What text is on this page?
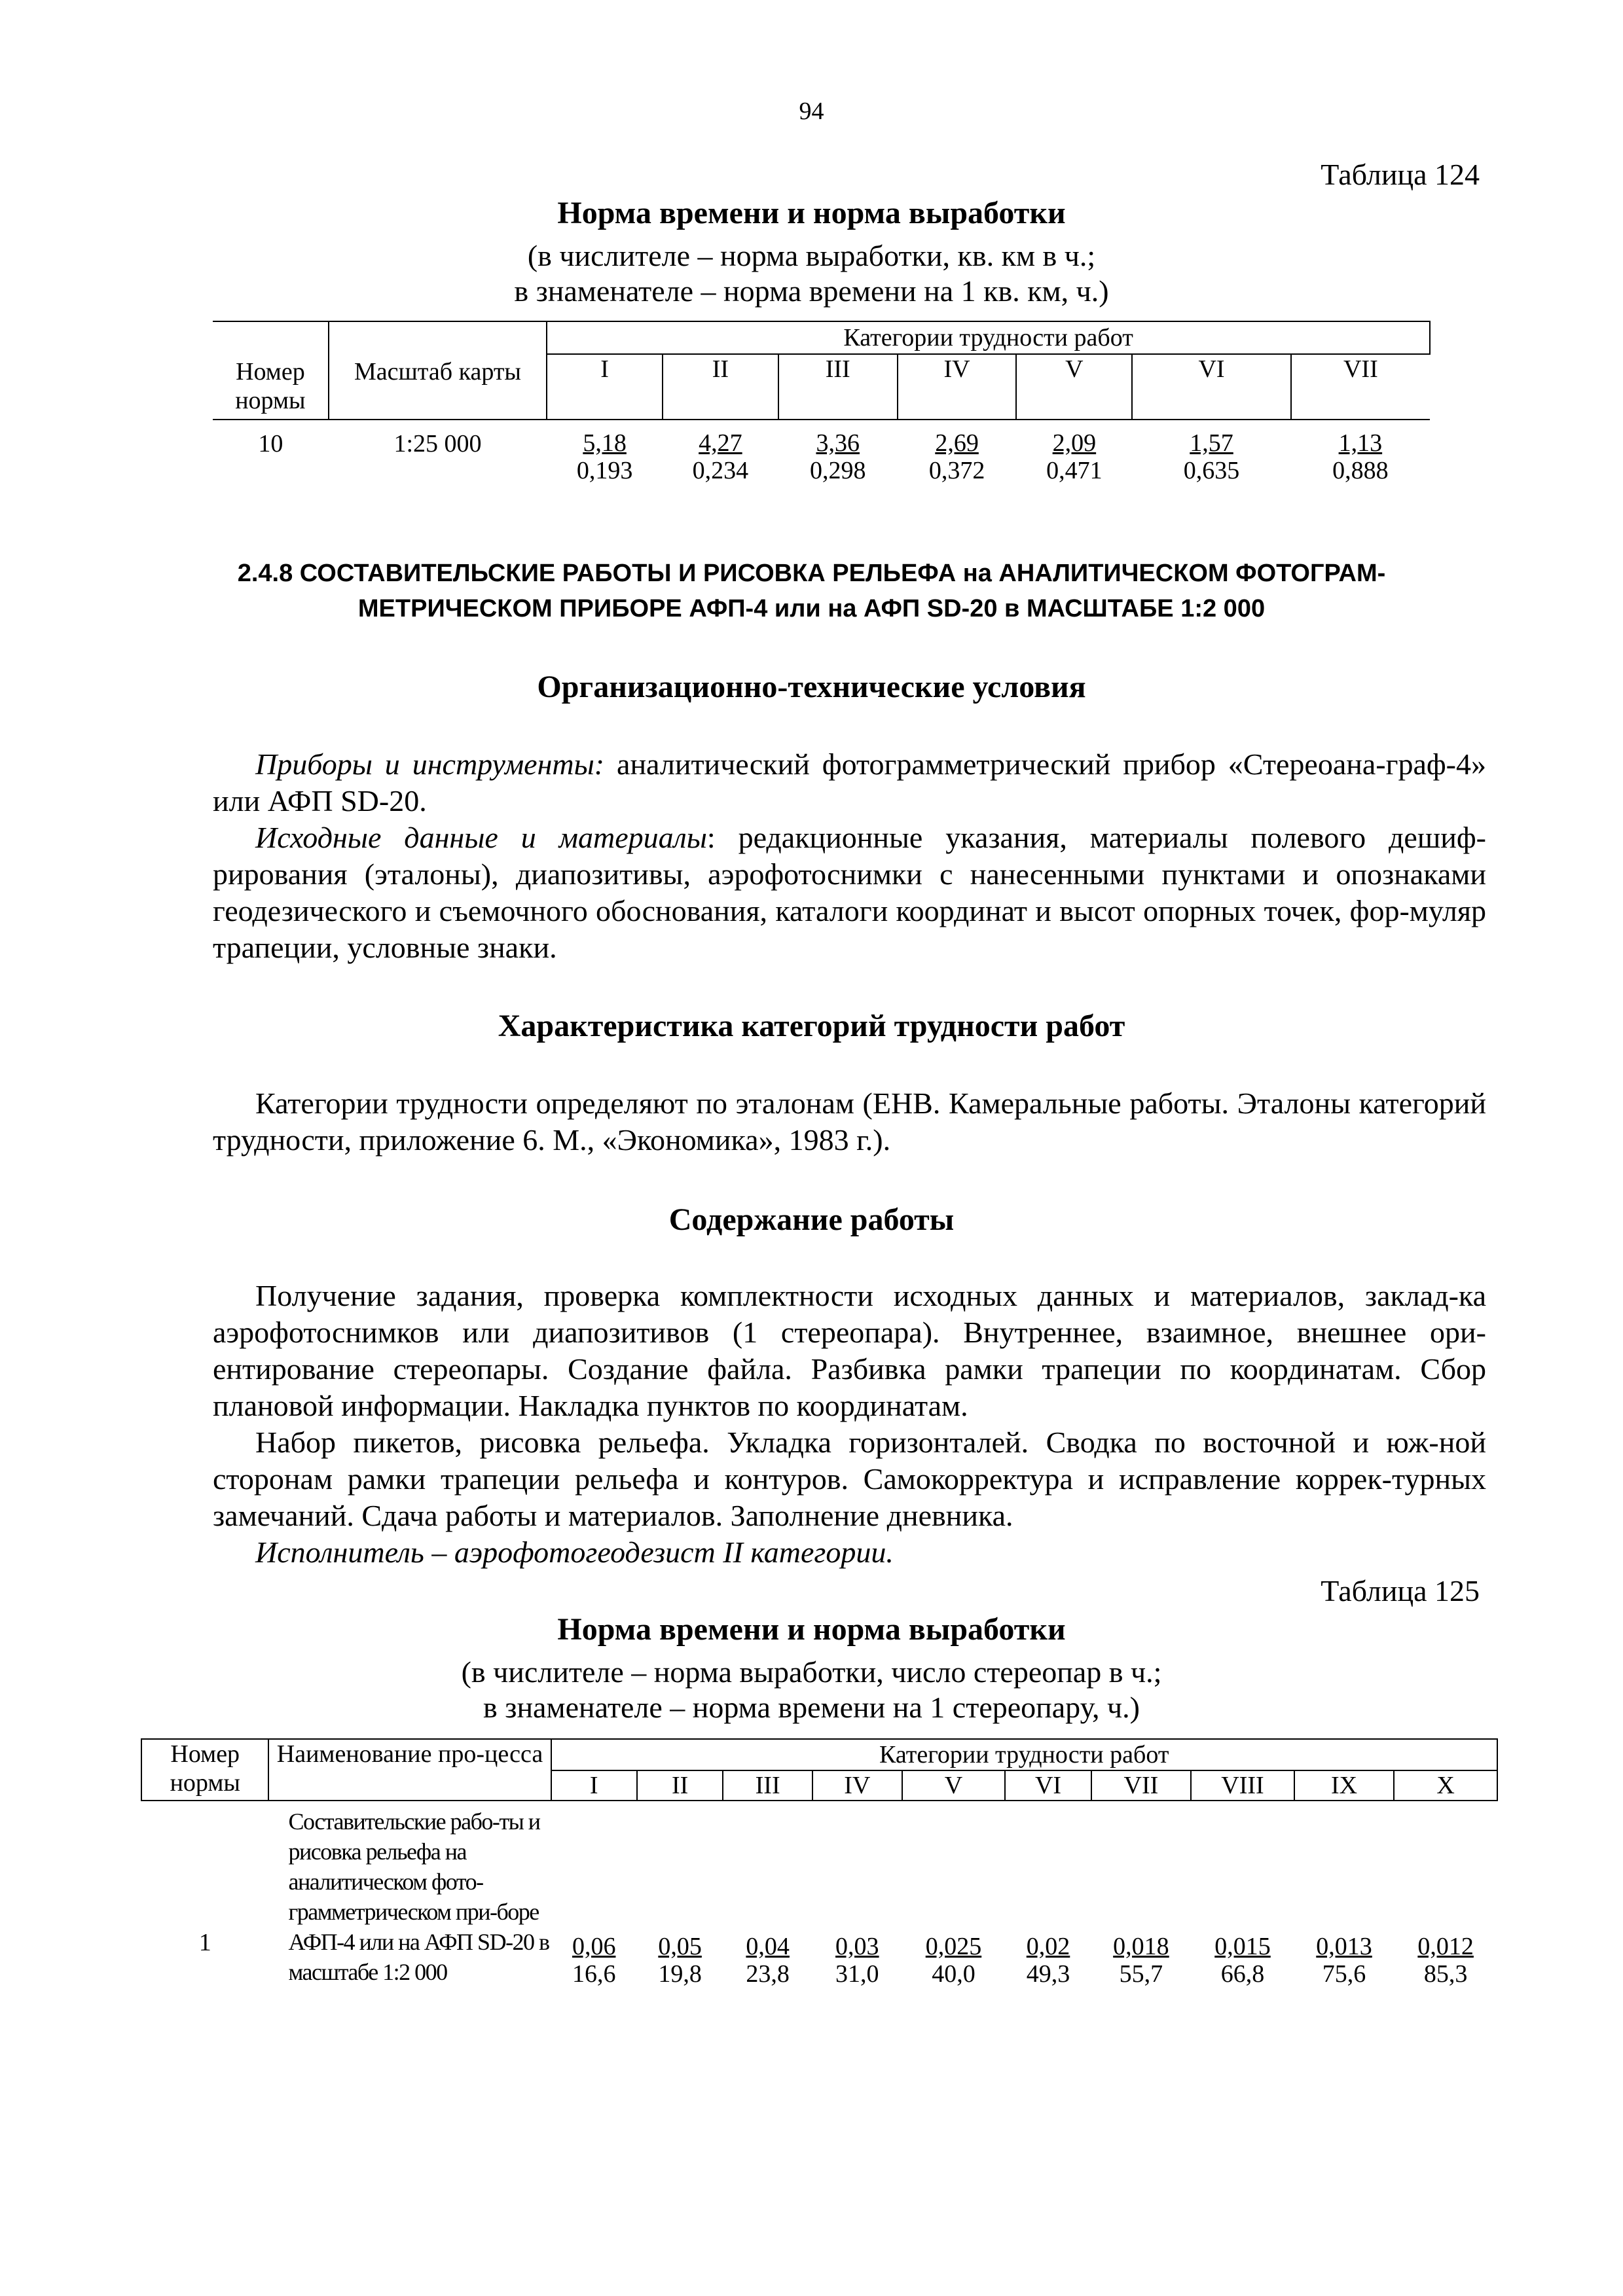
94
Таблица 124
Норма времени и норма выработки
(в числителе – норма выработки, кв. км в ч.;
в знаменателе – норма времени на 1 кв. км, ч.)
Номер нормы	Масштаб карты	Категории трудности работ						
		I	II	III	IV	V	VI	VII
10	1:25 000	$\frac{5,18}{0,193}$	$\frac{4,27}{0,234}$	$\frac{3,36}{0,298}$	$\frac{2,69}{0,372}$	$\frac{2,09}{0,471}$	$\frac{1,57}{0,635}$	$\frac{1,13}{0,888}$
2.4.8 СОСТАВИТЕЛЬСКИЕ РАБОТЫ И РИСОВКА РЕЛЬЕФА на АНАЛИТИЧЕСКОМ ФОТОГРАМ-
МЕТРИЧЕСКОМ ПРИБОРЕ АФП-4 или на АФП SD-20 в МАСШТАБЕ 1:2 000
Организационно-технические условия

Приборы и инструменты: аналитический фотограмметрический прибор «Стереоана-граф-4» или АФП SD-20.

Исходные данные и материалы: редакционные указания, материалы полевого дешиф-рирования (эталоны), диапозитивы, аэрофотоснимки с нанесенными пунктами и опознаками геодезического и съемочного обоснования, каталоги координат и высот опорных точек, фор-муляр трапеции, условные знаки.

Характеристика категорий трудности работ

Категории трудности определяют по эталонам (ЕНВ. Камеральные работы. Эталоны категорий трудности, приложение 6. М., «Экономика», 1983 г.).

Содержание работы

Получение задания, проверка комплектности исходных данных и материалов, заклад-ка аэрофотоснимков или диапозитивов (1 стереопара). Внутреннее, взаимное, внешнее ори-ентирование стереопары. Создание файла. Разбивка рамки трапеции по координатам. Сбор плановой информации. Накладка пунктов по координатам.

Набор пикетов, рисовка рельефа. Укладка горизонталей. Сводка по восточной и юж-ной сторонам рамки трапеции рельефа и контуров. Самокорректура и исправление коррек-турных замечаний. Сдача работы и материалов. Заполнение дневника.

Исполнитель – аэрофотогеодезист II категории.

Таблица 125
Норма времени и норма выработки
(в числителе – норма выработки, число стереопар в ч.;
в знаменателе – норма времени на 1 стереопару, ч.)
Номер нормы	Наименование про-цесса	Категории трудности работ									
		I	II	III	IV	V	VI	VII	VIII	IX	X
1	Составительские рабо-ты и рисовка рельефа на аналитическом фото-грамметрическом при-боре АФП-4 или на АФП SD-20 в масштабе 1:2 000	$\frac{0,06}{16,6}$	$\frac{0,05}{19,8}$	$\frac{0,04}{23,8}$	$\frac{0,03}{31,0}$	$\frac{0,025}{40,0}$	$\frac{0,02}{49,3}$	$\frac{0,018}{55,7}$	$\frac{0,015}{66,8}$	$\frac{0,013}{75,6}$	$\frac{0,012}{85,3}$
